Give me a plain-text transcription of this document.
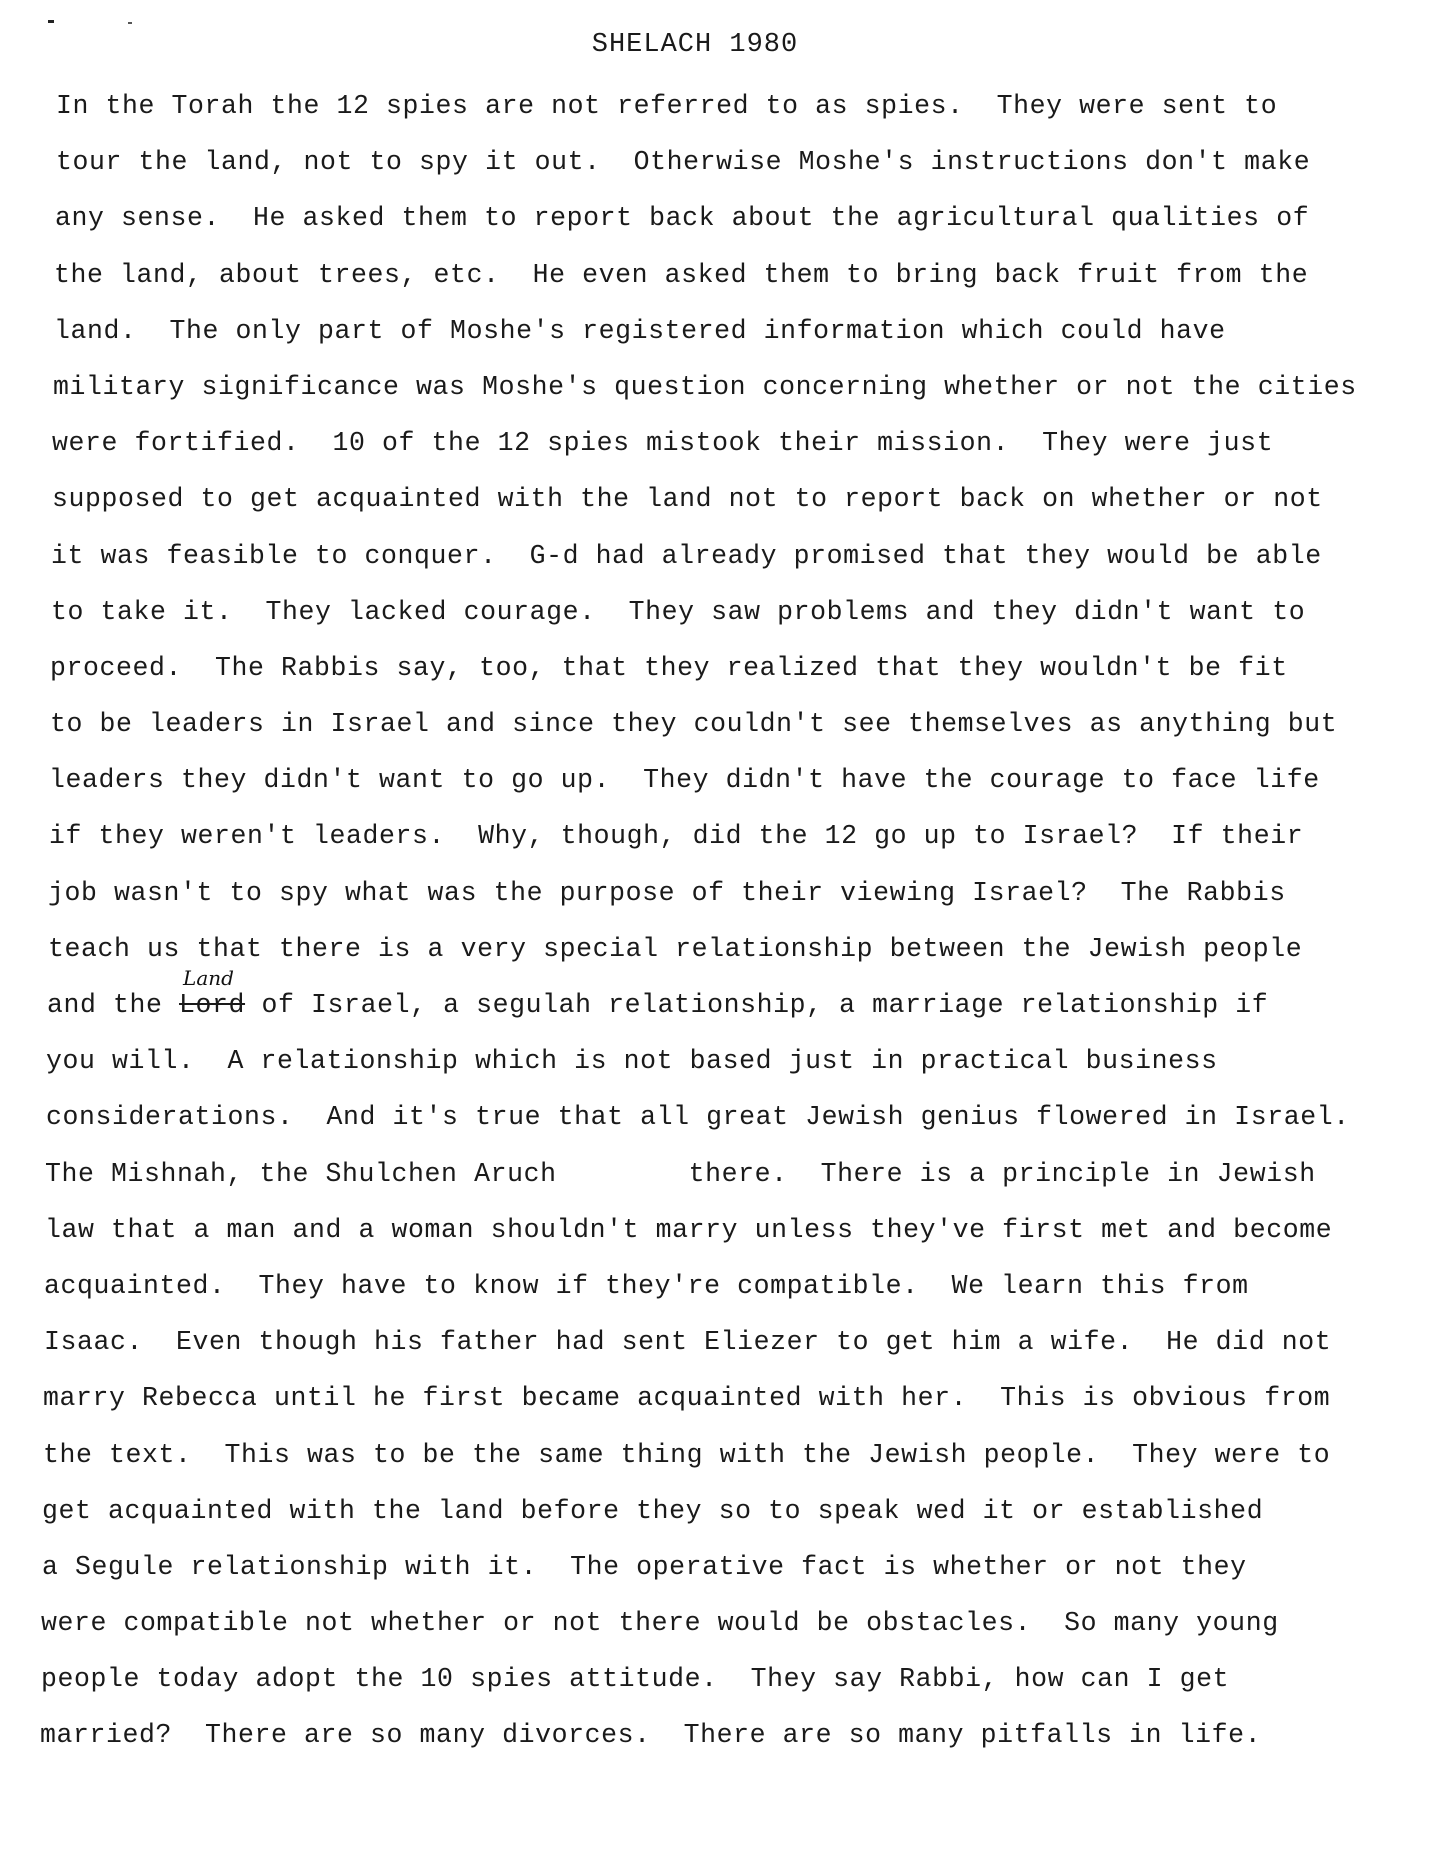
SHELACH 1980
In the Torah the 12 spies are not referred to as spies.  They were sent to
tour the land, not to spy it out.  Otherwise Moshe's instructions don't make
any sense.  He asked them to report back about the agricultural qualities of
the land, about trees, etc.  He even asked them to bring back fruit from the
land.  The only part of Moshe's registered information which could have
military significance was Moshe's question concerning whether or not the cities
were fortified.  10 of the 12 spies mistook their mission.  They were just
supposed to get acquainted with the land not to report back on whether or not
it was feasible to conquer.  G-d had already promised that they would be able
to take it.  They lacked courage.  They saw problems and they didn't want to
proceed.  The Rabbis say, too, that they realized that they wouldn't be fit
to be leaders in Israel and since they couldn't see themselves as anything but
leaders they didn't want to go up.  They didn't have the courage to face life
if they weren't leaders.  Why, though, did the 12 go up to Israel?  If their
job wasn't to spy what was the purpose of their viewing Israel?  The Rabbis
teach us that there is a very special relationship between the Jewish people
and the Lord
Land
of Israel, a segulah relationship, a marriage relationship if
you will.  A relationship which is not based just in practical business
considerations.  And it's true that all great Jewish genius flowered in Israel.
The Mishnah, the Shulchen Aruch        there.  There is a principle in Jewish
law that a man and a woman shouldn't marry unless they've first met and become
acquainted.  They have to know if they're compatible.  We learn this from
Isaac.  Even though his father had sent Eliezer to get him a wife.  He did not
marry Rebecca until he first became acquainted with her.  This is obvious from
the text.  This was to be the same thing with the Jewish people.  They were to
get acquainted with the land before they so to speak wed it or established
a Segule relationship with it.  The operative fact is whether or not they
were compatible not whether or not there would be obstacles.  So many young
people today adopt the 10 spies attitude.  They say Rabbi, how can I get
married?  There are so many divorces.  There are so many pitfalls in life.
